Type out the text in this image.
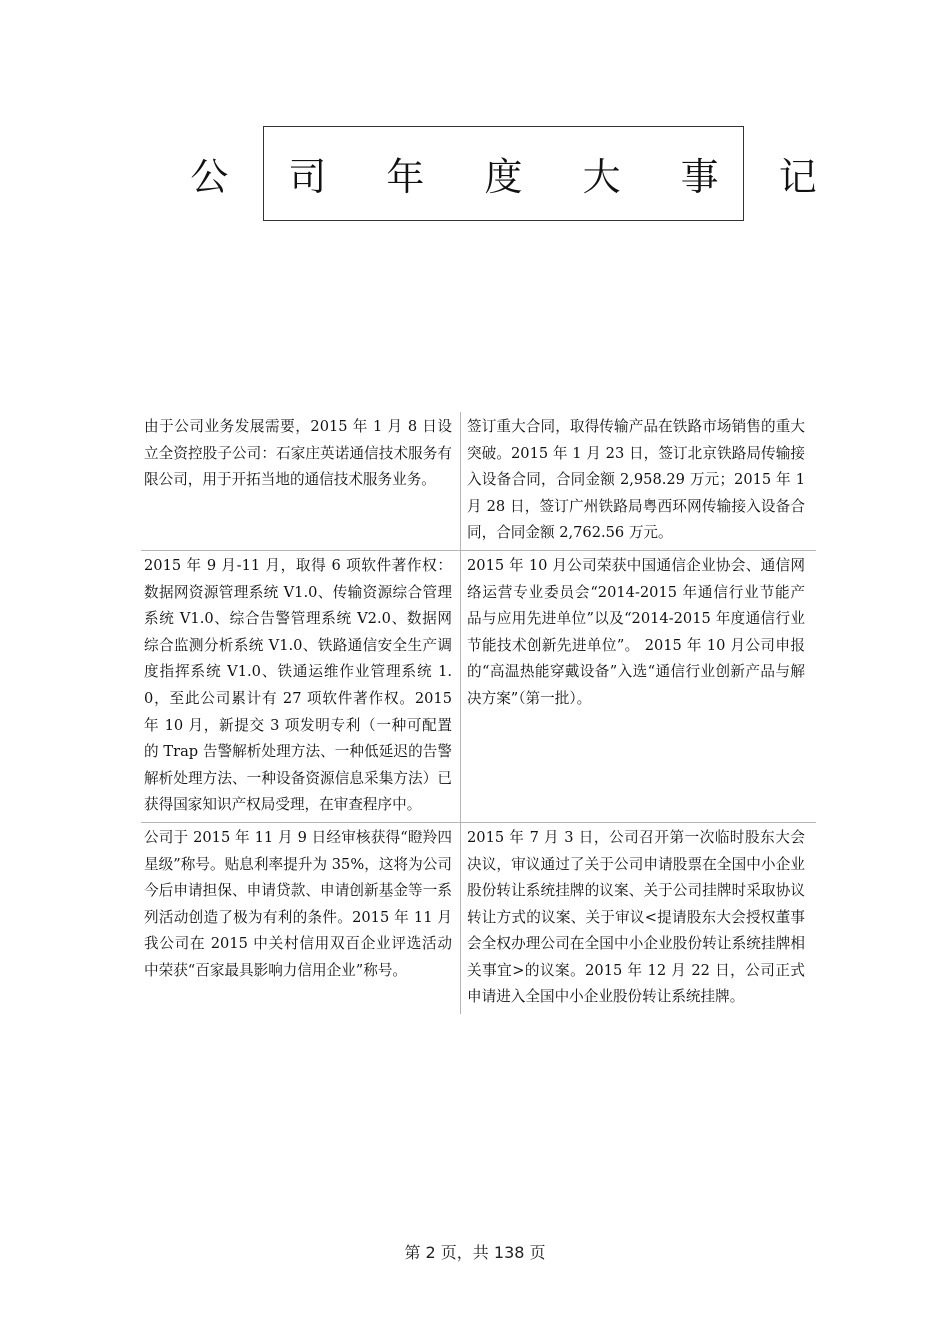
公 司 年 度 大 事 记
由于公司业务发展需要，2015 年 1 月 8 日设立全资控股子公司：石家庄英诺通信技术服务有限公司，用于开拓当地的通信技术服务业务。
签订重大合同，取得传输产品在铁路市场销售的重大突破。2015 年 1 月 23 日，签订北京铁路局传输接入设备合同，合同金额 2,958.29 万元；2015 年 1 月 28 日，签订广州铁路局粤西环网传输接入设备合同，合同金额 2,762.56 万元。
2015 年 9 月-11 月，取得 6 项软件著作权：数据网资源管理系统 V1.0、传输资源综合管理系统 V1.0、综合告警管理系统 V2.0、数据网综合监测分析系统 V1.0、铁路通信安全生产调度指挥系统 V1.0、铁通运维作业管理系统 1.0，至此公司累计有 27 项软件著作权。2015 年 10 月，新提交 3 项发明专利（一种可配置的 Trap 告警解析处理方法、一种低延迟的告警解析处理方法、一种设备资源信息采集方法）已获得国家知识产权局受理，在审查程序中。
2015 年 10 月公司荣获中国通信企业协会、通信网络运营专业委员会“2014-2015 年通信行业节能产品与应用先进单位”以及“2014-2015 年度通信行业节能技术创新先进单位”。 2015 年 10 月公司申报的“高温热能穿戴设备”入选“通信行业创新产品与解决方案”（第一批）。
公司于 2015 年 11 月 9 日经审核获得“瞪羚四星级”称号。贴息利率提升为 35%，这将为公司今后申请担保、申请贷款、申请创新基金等一系列活动创造了极为有利的条件。2015 年 11 月我公司在 2015 中关村信用双百企业评选活动中荣获“百家最具影响力信用企业”称号。
2015 年 7 月 3 日，公司召开第一次临时股东大会决议，审议通过了关于公司申请股票在全国中小企业股份转让系统挂牌的议案、关于公司挂牌时采取协议转让方式的议案、关于审议<提请股东大会授权董事会全权办理公司在全国中小企业股份转让系统挂牌相关事宜>的议案。2015 年 12 月 22 日，公司正式申请进入全国中小企业股份转让系统挂牌。
第 2 页，共 138 页
